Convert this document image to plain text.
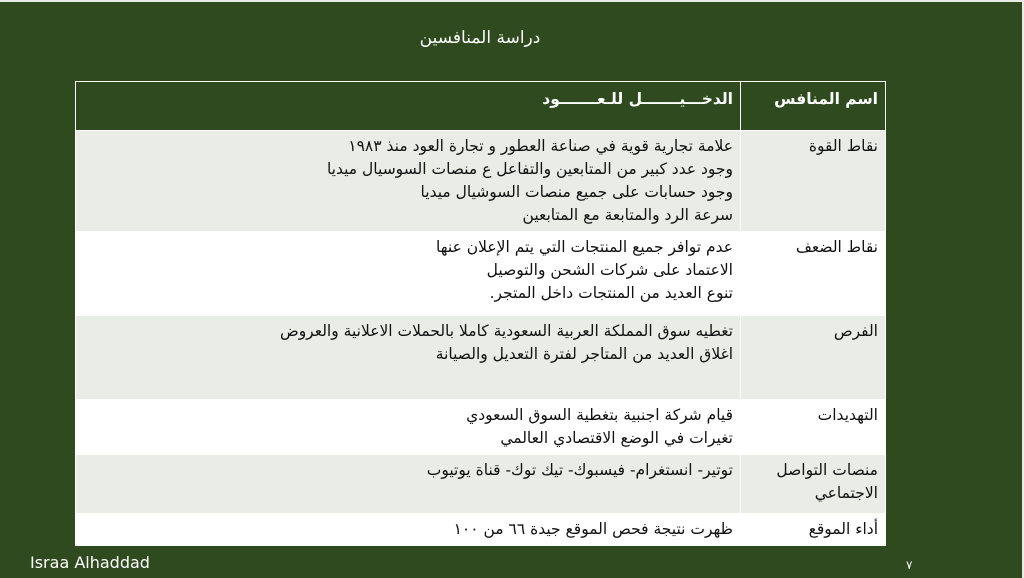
دراسة المنافسين
اسم المنافس	الدخـــيـــــــل للـعـــــــود
نقاط القوة	علامة تجارية قوية في صناعة العطور و تجارة العود منذ ١٩٨٣
وجود عدد كبير من المتابعين والتفاعل ع منصات السوسيال ميديا
وجود حسابات على جميع منصات السوشيال ميديا
سرعة الرد والمتابعة مع المتابعين

نقاط الضعف	عدم توافر جميع المنتجات التي يتم الإعلان عنها
الاعتماد على شركات الشحن والتوصيل
تنوع العديد من المنتجات داخل المتجر.

الفرص	تغطيه سوق المملكة العربية السعودية كاملا بالحملات الاعلانية والعروض
اغلاق العديد من المتاجر لفترة التعديل والصيانة

التهديدات	قيام شركة اجنبية بتغطية السوق السعودي
تغيرات في الوضع الاقتصادي العالمي

منصات التواصل الاجتماعي	توتير- انستغرام- فيسبوك- تيك توك- قناة يوتيوب

أداء الموقع	ظهرت نتيجة فحص الموقع جيدة ٦٦ من ١٠٠
Israa Alhaddad	٧
